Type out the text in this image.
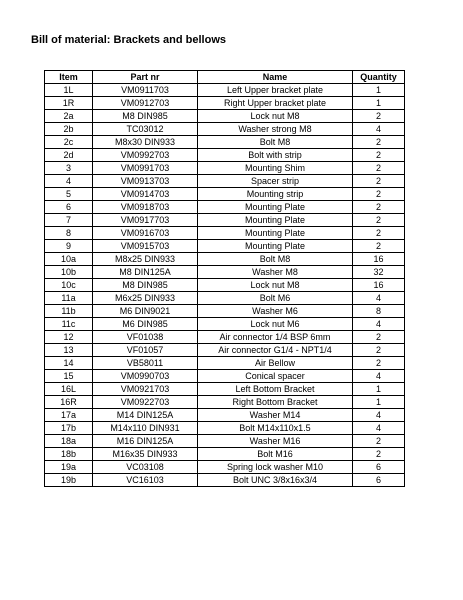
Bill of material: Brackets and bellows
Item	Part nr	Name	Quantity
1L	VM0911703	Left Upper bracket plate	1
1R	VM0912703	Right Upper bracket plate	1
2a	M8 DIN985	Lock nut M8	2
2b	TC03012	Washer strong M8	4
2c	M8x30 DIN933	Bolt M8	2
2d	VM0992703	Bolt with strip	2
3	VM0991703	Mounting Shim	2
4	VM0913703	Spacer strip	2
5	VM0914703	Mounting strip	2
6	VM0918703	Mounting Plate	2
7	VM0917703	Mounting Plate	2
8	VM0916703	Mounting Plate	2
9	VM0915703	Mounting Plate	2
10a	M8x25 DIN933	Bolt M8	16
10b	M8 DIN125A	Washer M8	32
10c	M8 DIN985	Lock nut M8	16
11a	M6x25 DIN933	Bolt M6	4
11b	M6 DIN9021	Washer M6	8
11c	M6 DIN985	Lock nut M6	4
12	VF01038	Air connector 1/4 BSP 6mm	2
13	VF01057	Air connector G1/4 - NPT1/4	2
14	VB58011	Air Bellow	2
15	VM0990703	Conical spacer	4
16L	VM0921703	Left Bottom Bracket	1
16R	VM0922703	Right Bottom Bracket	1
17a	M14 DIN125A	Washer M14	4
17b	M14x110 DIN931	Bolt M14x110x1.5	4
18a	M16 DIN125A	Washer M16	2
18b	M16x35 DIN933	Bolt M16	2
19a	VC03108	Spring lock washer M10	6
19b	VC16103	Bolt UNC 3/8x16x3/4	6
